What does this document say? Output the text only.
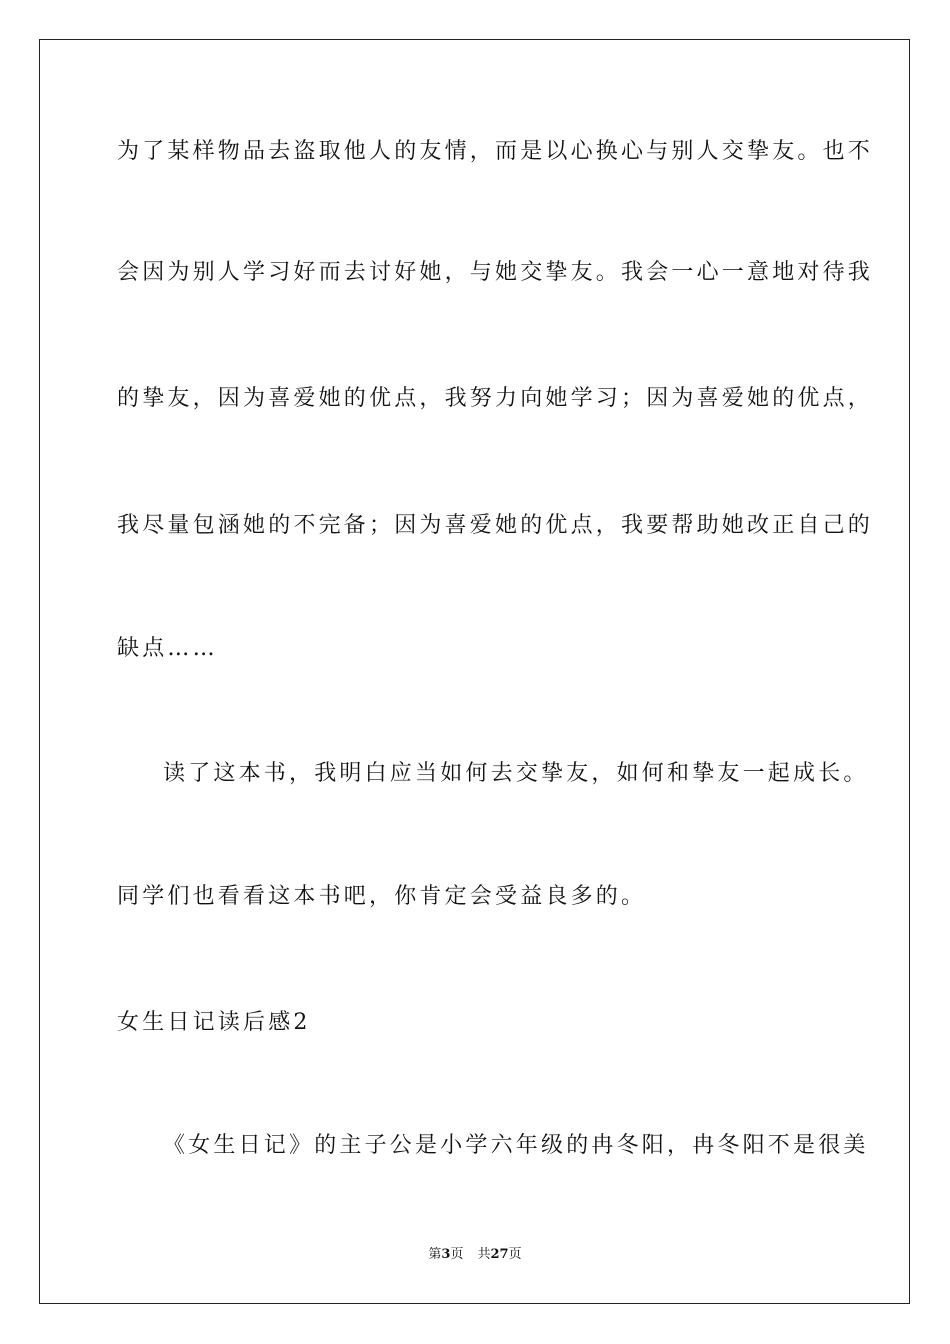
为了某样物品去盗取他人的友情，而是以心换心与别人交挚友。也不
会因为别人学习好而去讨好她，与她交挚友。我会一心一意地对待我
的挚友，因为喜爱她的优点，我努力向她学习；因为喜爱她的优点，
我尽量包涵她的不完备；因为喜爱她的优点，我要帮助她改正自己的
缺点……
读了这本书，我明白应当如何去交挚友，如何和挚友一起成长。
同学们也看看这本书吧，你肯定会受益良多的。
女生日记读后感2
《女生日记》的主子公是小学六年级的冉冬阳，冉冬阳不是很美
第3页 共27页
